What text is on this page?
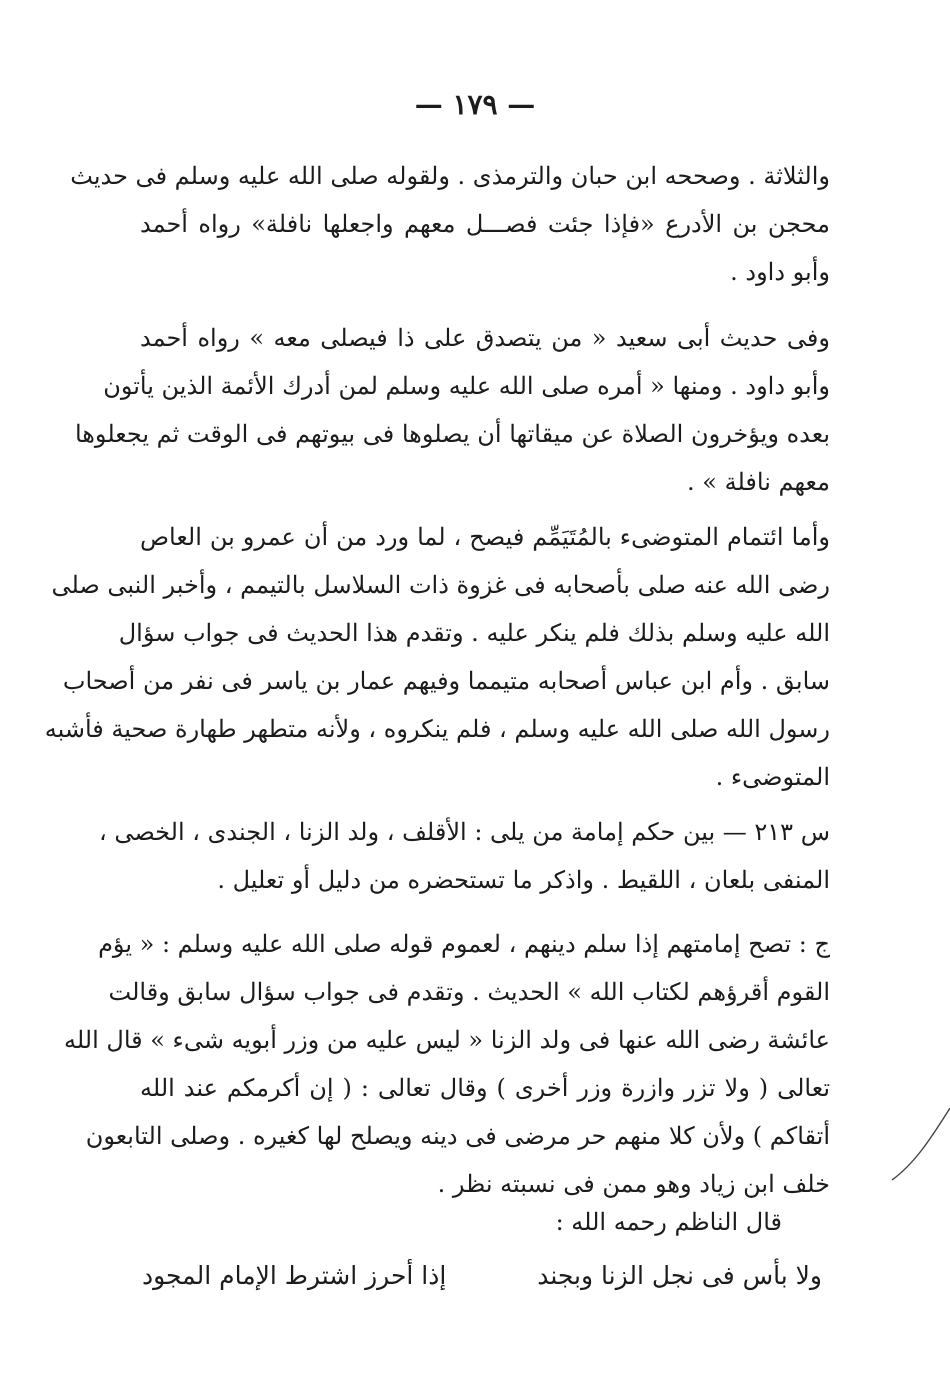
— ١٧٩ —
والثلاثة . وصححه ابن حبان والترمذى . ولقوله صلى الله عليه وسلم فى حديث
محجن بن الأدرع «فإذا جئت فصـــل معهم واجعلها نافلة» رواه أحمد
وأبو داود .
وفى حديث أبى سعيد « من يتصدق على ذا فيصلى معه » رواه أحمد
وأبو داود . ومنها « أمره صلى الله عليه وسلم لمن أدرك الأئمة الذين يأتون
بعده ويؤخرون الصلاة عن ميقاتها أن يصلوها فى بيوتهم فى الوقت ثم يجعلوها
معهم نافلة » .
وأما ائتمام المتوضىء بالمُتَيَمِّم فيصح ، لما ورد من أن عمرو بن العاص
رضى الله عنه صلى بأصحابه فى غزوة ذات السلاسل بالتيمم ، وأخبر النبى صلى
الله عليه وسلم بذلك فلم ينكر عليه . وتقدم هذا الحديث فى جواب سؤال
سابق . وأم ابن عباس أصحابه متيمما وفيهم عمار بن ياسر فى نفر من أصحاب
رسول الله صلى الله عليه وسلم ، فلم ينكروه ، ولأنه متطهر طهارة صحية فأشبه
المتوضىء .
س ٢١٣ — بين حكم إمامة من يلى : الأقلف ، ولد الزنا ، الجندى ، الخصى ،
المنفى بلعان ، اللقيط . واذكر ما تستحضره من دليل أو تعليل .
ج : تصح إمامتهم إذا سلم دينهم ، لعموم قوله صلى الله عليه وسلم : « يؤم
القوم أقرؤهم لكتاب الله » الحديث . وتقدم فى جواب سؤال سابق وقالت
عائشة رضى الله عنها فى ولد الزنا « ليس عليه من وزر أبويه شىء » قال الله
تعالى ( ولا تزر وازرة وزر أخرى ) وقال تعالى : ( إن أكرمكم عند الله
أتقاكم ) ولأن كلا منهم حر مرضى فى دينه ويصلح لها كغيره . وصلى التابعون
خلف ابن زياد وهو ممن فى نسبته نظر .
قال الناظم رحمه الله :
ولا بأس فى نجل الزنا وبجند
إذا أحرز اشترط الإمام المجود
